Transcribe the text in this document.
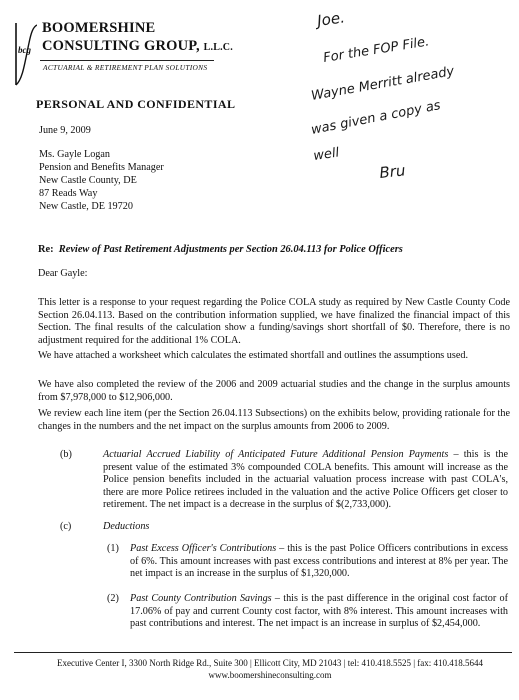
bcg
BOOMERSHINE
CONSULTING GROUP, L.L.C.
ACTUARIAL & RETIREMENT PLAN SOLUTIONS
Joe.
For the FOP File.
Wayne Merritt already
was given a copy as
well
Bru
PERSONAL AND CONFIDENTIAL
June 9, 2009
Ms. Gayle Logan
Pension and Benefits Manager
New Castle County, DE
87 Reads Way
New Castle, DE 19720
Re: Review of Past Retirement Adjustments per Section 26.04.113 for Police Officers
Dear Gayle:
This letter is a response to your request regarding the Police COLA study as required by New Castle County Code Section 26.04.113. Based on the contribution information supplied, we have finalized the financial impact of this Section. The final results of the calculation show a funding/savings short shortfall of $0. Therefore, there is no adjustment required for the additional 1% COLA.
We have attached a worksheet which calculates the estimated shortfall and outlines the assumptions used.
We have also completed the review of the 2006 and 2009 actuarial studies and the change in the surplus amounts from $7,978,000 to $12,906,000.
We review each line item (per the Section 26.04.113 Subsections) on the exhibits below, providing rationale for the changes in the numbers and the net impact on the surplus amounts from 2006 to 2009.
(b)	Actuarial Accrued Liability of Anticipated Future Additional Pension Payments – this is the present value of the estimated 3% compounded COLA benefits. This amount will increase as the Police pension benefits included in the actuarial valuation process increase with past COLA's, there are more Police retirees included in the valuation and the active Police Officers get closer to retirement. The net impact is a decrease in the surplus of $(2,733,000).
(c)	Deductions
(1) Past Excess Officer's Contributions – this is the past Police Officers contributions in excess of 6%. This amount increases with past excess contributions and interest at 8% per year. The net impact is an increase in the surplus of $1,320,000.
(2) Past County Contribution Savings – this is the past difference in the original cost factor of 17.06% of pay and current County cost factor, with 8% interest. This amount increases with past contributions and interest. The net impact is an increase in surplus of $2,454,000.
Executive Center I, 3300 North Ridge Rd., Suite 300 | Ellicott City, MD 21043 | tel: 410.418.5525 | fax: 410.418.5644
www.boomershineconsulting.com
